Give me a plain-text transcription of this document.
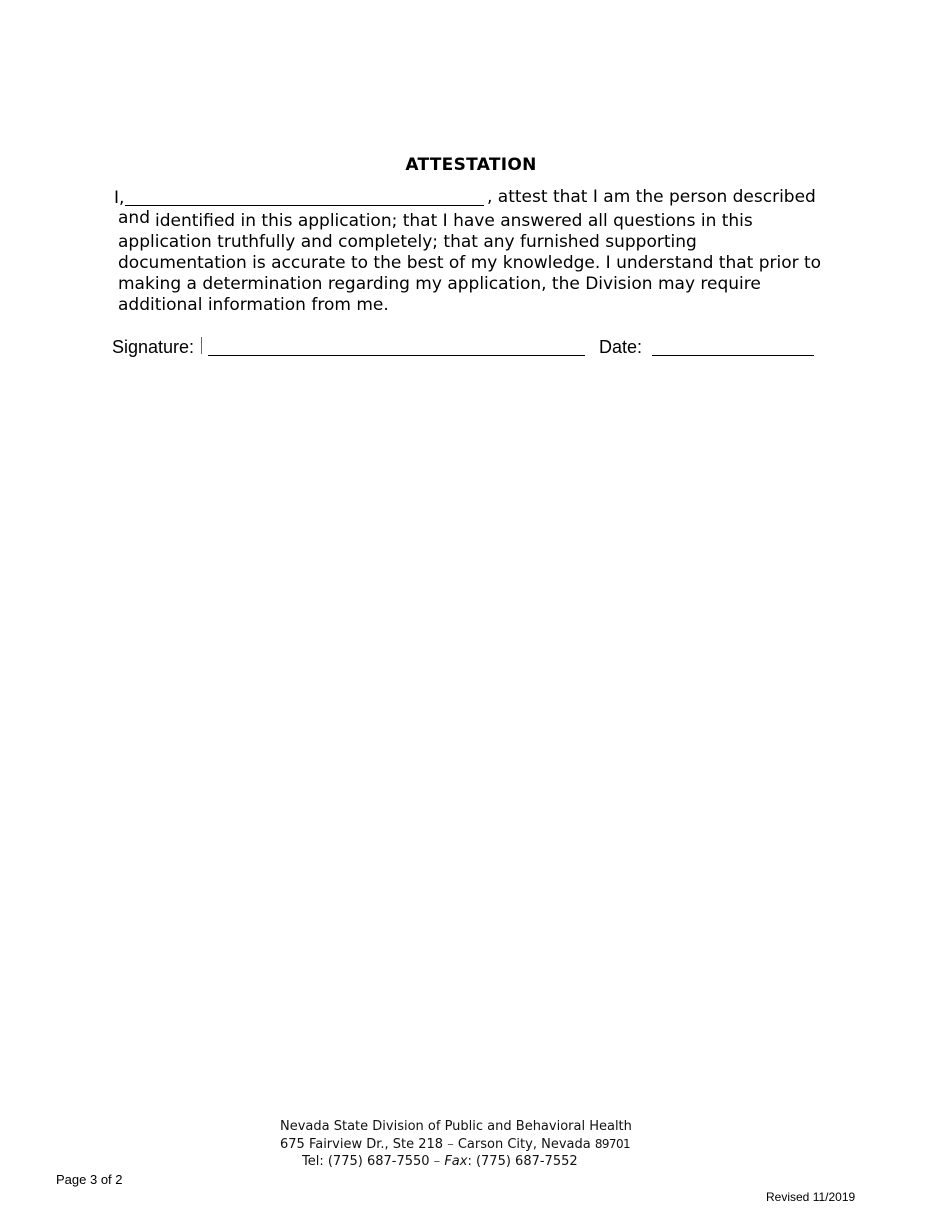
ATTESTATION
I,	, attest that I am the person described
and identified in this application; that I have answered all questions in this
application truthfully and completely; that any furnished supporting
documentation is accurate to the best of my knowledge. I understand that prior to
making a determination regarding my application, the Division may require
additional information from me.
Signature:	Date:
Nevada State Division of Public and Behavioral Health
675 Fairview Dr., Ste 218 – Carson City, Nevada 89701
Tel: (775) 687-7550 – Fax: (775) 687-7552
Page 3 of 2
Revised 11/2019
